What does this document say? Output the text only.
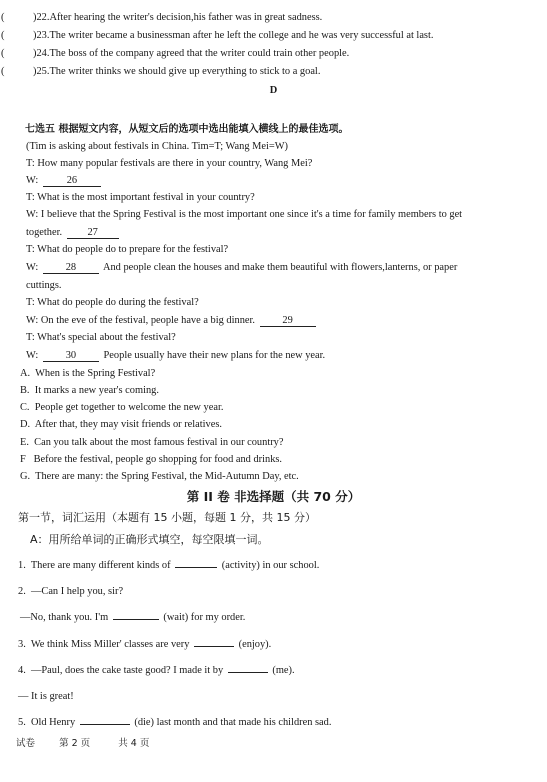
(	)22.After hearing the writer's decision,his father was in great sadness.
(	)23.The writer became a businessman after he left the college and he was very successful at last.
(	)24.The boss of the company agreed that the writer could train other people.
(	)25.The writer thinks we should give up everything to stick to a goal.
D
七选五 根据短文内容，从短文后的选项中选出能填入横线上的最佳选项。
(Tim is asking about festivals in China. Tim=T; Wang Mei=W)
T: How many popular festivals are there in your country, Wang Mei?
W:	26
T: What is the most important festival in your country?
W: I believe that the Spring Festival is the most important one since it's a time for family members to get
together. 27
T: What do people do to prepare for the festival?
W:	28	And people clean the houses and make them beautiful with flowers,lanterns, or paper
cuttings.
T: What do people do during the festival?
W: On the eve of the festival, people have a big dinner.	29
T: What's special about the festival?
W:	30	People usually have their new plans for the new year.
A. When is the Spring Festival?
B. It marks a new year's coming.
C. People get together to welcome the new year.
D. After that, they may visit friends or relatives.
E. Can you talk about the most famous festival in our country?
F Before the festival, people go shopping for food and drinks.
G. There are many: the Spring Festival, the Mid-Autumn Day, etc.
第 II 卷 非选择题（共 70 分）
第一节，词汇运用（本题有 15 小题，每题 1 分，共 15 分）
A：用所给单词的正确形式填空，每空限填一词。
1. There are many different kinds of	(activity) in our school.
2. —Can I help you, sir?
—No, thank you. I'm	(wait) for my order.
3. We think Miss Miller' classes are very	(enjoy).
4. —Paul, does the cake taste good? I made it by	(me).
— It is great!
5. Old Henry	(die) last month and that made his children sad.
试卷	第 2 页	共 4 页
